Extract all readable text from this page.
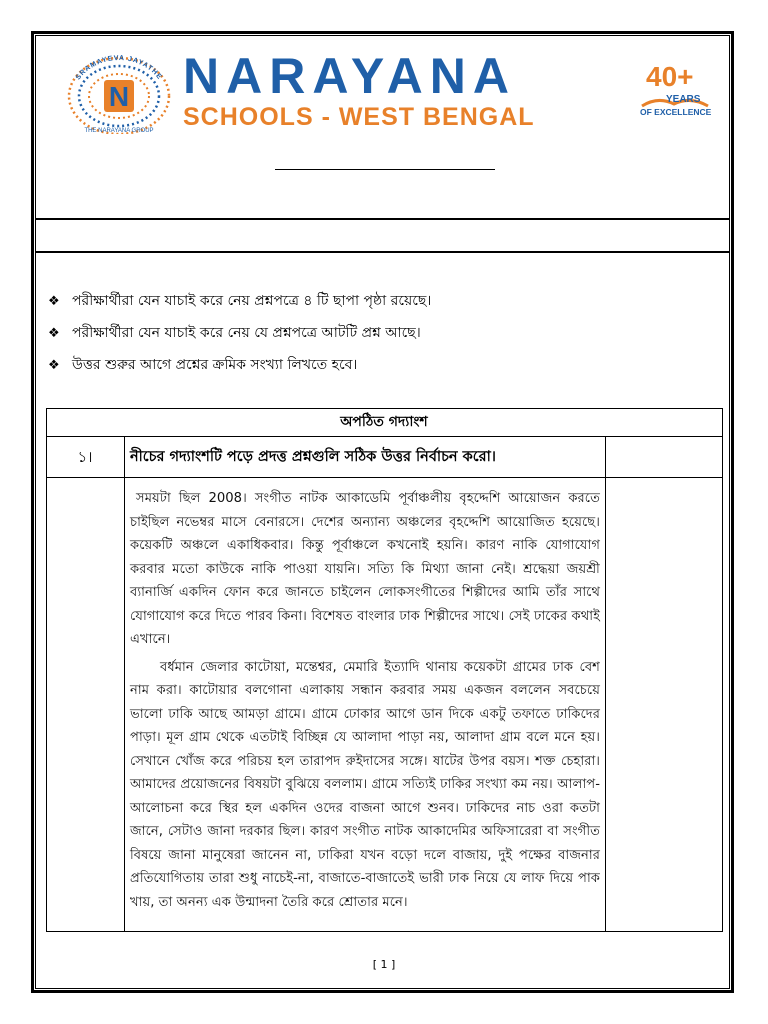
N
SRAMAYEVA JAYATHE
THE NARAYANA GROUP
NARAYANA
SCHOOLS - WEST BENGAL
40+
YEARS
OF EXCELLENCE
❖ পরীক্ষার্থীরা যেন যাচাই করে নেয় প্রশ্নপত্রে ৪ টি ছাপা পৃষ্ঠা রয়েছে।
❖ পরীক্ষার্থীরা যেন যাচাই করে নেয় যে প্রশ্নপত্রে আটটি প্রশ্ন আছে।
❖ উত্তর শুরুর আগে প্রশ্নের ক্রমিক সংখ্যা লিখতে হবে।
অপঠিত গদ্যাংশ
১।	নীচের গদ্যাংশটি পড়ে প্রদত্ত প্রশ্নগুলি সঠিক উত্তর নির্বাচন করো।

সময়টা ছিল 2008। সংগীত নাটক আকাডেমি পূর্বাঞ্চলীয় বৃহদ্দেশি আয়োজন করতে চাইছিল নভেম্বর মাসে বেনারসে। দেশের অন্যান্য অঞ্চলের বৃহদ্দেশি আয়োজিত হয়েছে। কয়েকটি অঞ্চলে একাধিকবার। কিন্তু পূর্বাঞ্চলে কখনোই হয়নি। কারণ নাকি যোগাযোগ করবার মতো কাউকে নাকি পাওয়া যায়নি। সত্যি কি মিথ্যা জানা নেই। শ্রদ্ধেয়া জয়শ্রী ব্যানার্জি একদিন ফোন করে জানতে চাইলেন লোকসংগীতের শিল্পীদের আমি তাঁর সাথে যোগাযোগ করে দিতে পারব কিনা। বিশেষত বাংলার ঢাক শিল্পীদের সাথে। সেই ঢাকের কথাই এখানে।

বর্ধমান জেলার কাটোয়া, মন্তেশ্বর, মেমারি ইত্যাদি থানায় কয়েকটা গ্রামের ঢাক বেশ নাম করা। কাটোয়ার বলগোনা এলাকায় সন্ধান করবার সময় একজন বললেন সবচেয়ে ভালো ঢাকি আছে আমড়া গ্রামে। গ্রামে ঢোকার আগে ডান দিকে একটু তফাতে ঢাকিদের পাড়া। মূল গ্রাম থেকে এতটাই বিচ্ছিন্ন যে আলাদা পাড়া নয়, আলাদা গ্রাম বলে মনে হয়। সেখানে খোঁজ করে পরিচয় হল তারাপদ রুইদাসের সঙ্গে। ষাটের উপর বয়স। শক্ত চেহারা। আমাদের প্রয়োজনের বিষয়টা বুঝিয়ে বললাম। গ্রামে সত্যিই ঢাকির সংখ্যা কম নয়। আলাপ-আলোচনা করে স্থির হল একদিন ওদের বাজনা আগে শুনব। ঢাকিদের নাচ ওরা কতটা জানে, সেটাও জানা দরকার ছিল। কারণ সংগীত নাটক আকাদেমির অফিসারেরা বা সংগীত বিষয়ে জানা মানুষেরা জানেন না, ঢাকিরা যখন বড়ো দলে বাজায়, দুই পক্ষের বাজনার প্রতিযোগিতায় তারা শুধু নাচেই-না, বাজাতে-বাজাতেই ভারী ঢাক নিয়ে যে লাফ দিয়ে পাক খায়, তা অনন্য এক উন্মাদনা তৈরি করে শ্রোতার মনে।

[ 1 ]
